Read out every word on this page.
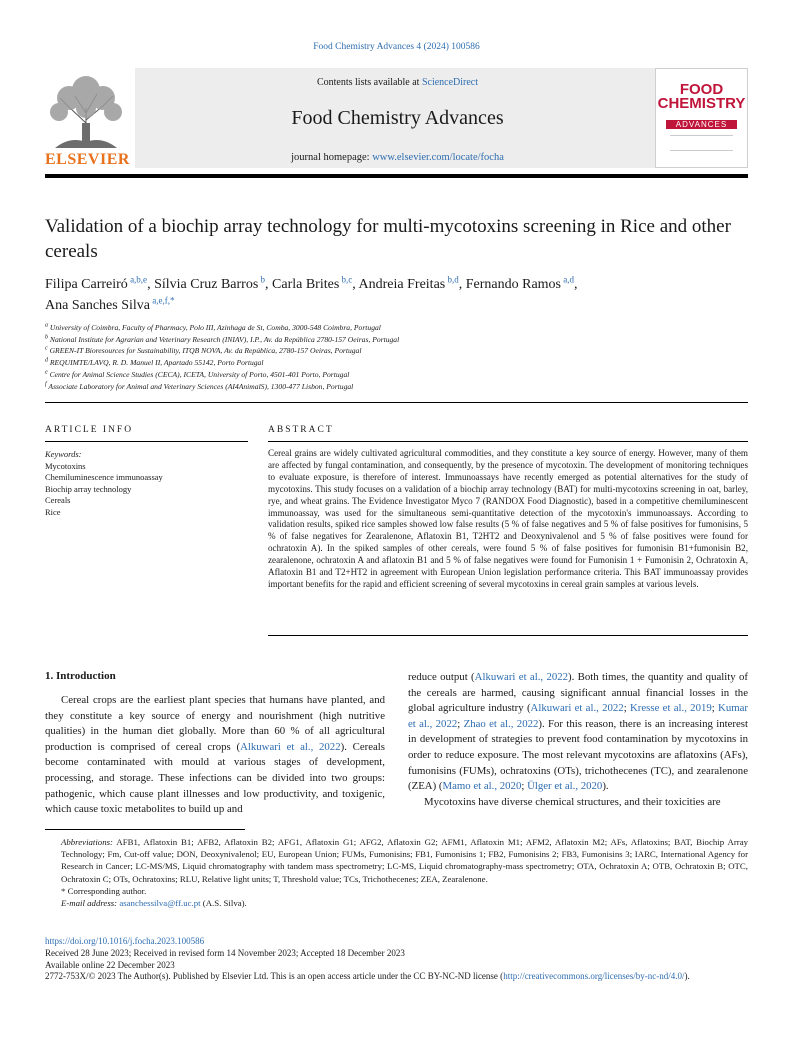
Food Chemistry Advances 4 (2024) 100586
ELSEVIER
Contents lists available at ScienceDirect
Food Chemistry Advances
journal homepage: www.elsevier.com/locate/focha
FOOD
CHEMISTRY
ADVANCES
Validation of a biochip array technology for multi-mycotoxins screening in Rice and other cereals
Filipa Carreiró $^{a,b,e}$, Sílvia Cruz Barros $^b$, Carla Brites $^{b,c}$, Andreia Freitas $^{b,d}$, Fernando Ramos $^{a,d}$,
Ana Sanches Silva $^{a,e,f,*}$
$^a$ University of Coimbra, Faculty of Pharmacy, Polo III, Azinhaga de St, Comba, 3000-548 Coimbra, Portugal
$^b$ National Institute for Agrarian and Veterinary Research (INIAV), I.P., Av. da República 2780-157 Oeiras, Portugal
$^c$ GREEN-IT Bioresources for Sustainability, ITQB NOVA, Av. da República, 2780-157 Oeiras, Portugal
$^d$ REQUIMTE/LAVQ, R. D. Manuel II, Apartado 55142, Porto Portugal
$^e$ Centre for Animal Science Studies (CECA), ICETA, University of Porto, 4501-401 Porto, Portugal
$^f$ Associate Laboratory for Animal and Veterinary Sciences (AI4AnimalS), 1300-477 Lisbon, Portugal
ARTICLE INFO
Keywords:
Mycotoxins
Chemiluminescence immunoassay
Biochip array technology
Cereals
Rice
ABSTRACT
Cereal grains are widely cultivated agricultural commodities, and they constitute a key source of energy. However, many of them are affected by fungal contamination, and consequently, by the presence of mycotoxin. The development of monitoring techniques to evaluate exposure, is therefore of interest. Immunoassays have recently emerged as potential alternatives for the study of mycotoxins. This study focuses on a validation of a biochip array technology (BAT) for multi-mycotoxins screening in oat, barley, rye, and wheat grains. The Evidence Investigator Myco 7 (RANDOX Food Diagnostic), based in a competitive chemiluminescent immunoassay, was used for the simultaneous semi-quantitative detection of the mycotoxin's immunoassays. According to validation results, spiked rice samples showed low false results (5 % of false negatives and 5 % of false positives for fumonisins, 5 % of false negatives for Zearalenone, Aflatoxin B1, T2HT2 and Deoxynivalenol and 5 % of false positives were found for ochratoxin A). In the spiked samples of other cereals, were found 5 % of false positives for fumonisin B1+fumonisin B2, zearalenone, ochratoxin A and aflatoxin B1 and 5 % of false negatives were found for Fumonisin 1 + Fumonisin 2, Ochratoxin A, Aflatoxin B1 and T2+HT2 in agreement with European Union legislation performance criteria. This BAT immunoassay provides important benefits for the rapid and efficient screening of several mycotoxins in cereal grain samples at various levels.
1. Introduction

Cereal crops are the earliest plant species that humans have planted, and they constitute a key source of energy and nourishment (high nutritive qualities) in the human diet globally. More than 60 % of all agricultural production is comprised of cereal crops (Alkuwari et al., 2022). Cereals become contaminated with mould at various stages of development, processing, and storage. These infections can be divided into two groups: pathogenic, which cause plant illnesses and low productivity, and toxigenic, which cause toxic metabolites to build up and

reduce output (Alkuwari et al., 2022). Both times, the quantity and quality of the cereals are harmed, causing significant annual financial losses in the global agriculture industry (Alkuwari et al., 2022; Kresse et al., 2019; Kumar et al., 2022; Zhao et al., 2022). For this reason, there is an increasing interest in development of strategies to prevent food contamination by mycotoxins in order to reduce exposure. The most relevant mycotoxins are aflatoxins (AFs), fumonisins (FUMs), ochratoxins (OTs), trichothecenes (TC), and zearalenone (ZEA) (Mamo et al., 2020; Ülger et al., 2020).

Mycotoxins have diverse chemical structures, and their toxicities are

Abbreviations: AFB1, Aflatoxin B1; AFB2, Aflatoxin B2; AFG1, Aflatoxin G1; AFG2, Aflatoxin G2; AFM1, Aflatoxin M1; AFM2, Aflatoxin M2; AFs, Aflatoxins; BAT, Biochip Array Technology; Fm, Cut-off value; DON, Deoxynivalenol; EU, European Union; FUMs, Fumonisins; FB1, Fumonisins 1; FB2, Fumonisins 2; FB3, Fumonisins 3; IARC, International Agency for Research in Cancer; LC-MS/MS, Liquid chromatography with tandem mass spectrometry; LC-MS, Liquid chromatography-mass spectrometry; OTA, Ochratoxin A; OTB, Ochratoxin B; OTC, Ochratoxin C; OTs, Ochratoxins; RLU, Relative light units; T, Threshold value; TCs, Trichothecenes; ZEA, Zearalenone.

* Corresponding author.

E-mail address: asanchessilva@ff.uc.pt (A.S. Silva).

https://doi.org/10.1016/j.focha.2023.100586

Received 28 June 2023; Received in revised form 14 November 2023; Accepted 18 December 2023

Available online 22 December 2023

2772-753X/© 2023 The Author(s). Published by Elsevier Ltd. This is an open access article under the CC BY-NC-ND license (http://creativecommons.org/licenses/by-nc-nd/4.0/).
